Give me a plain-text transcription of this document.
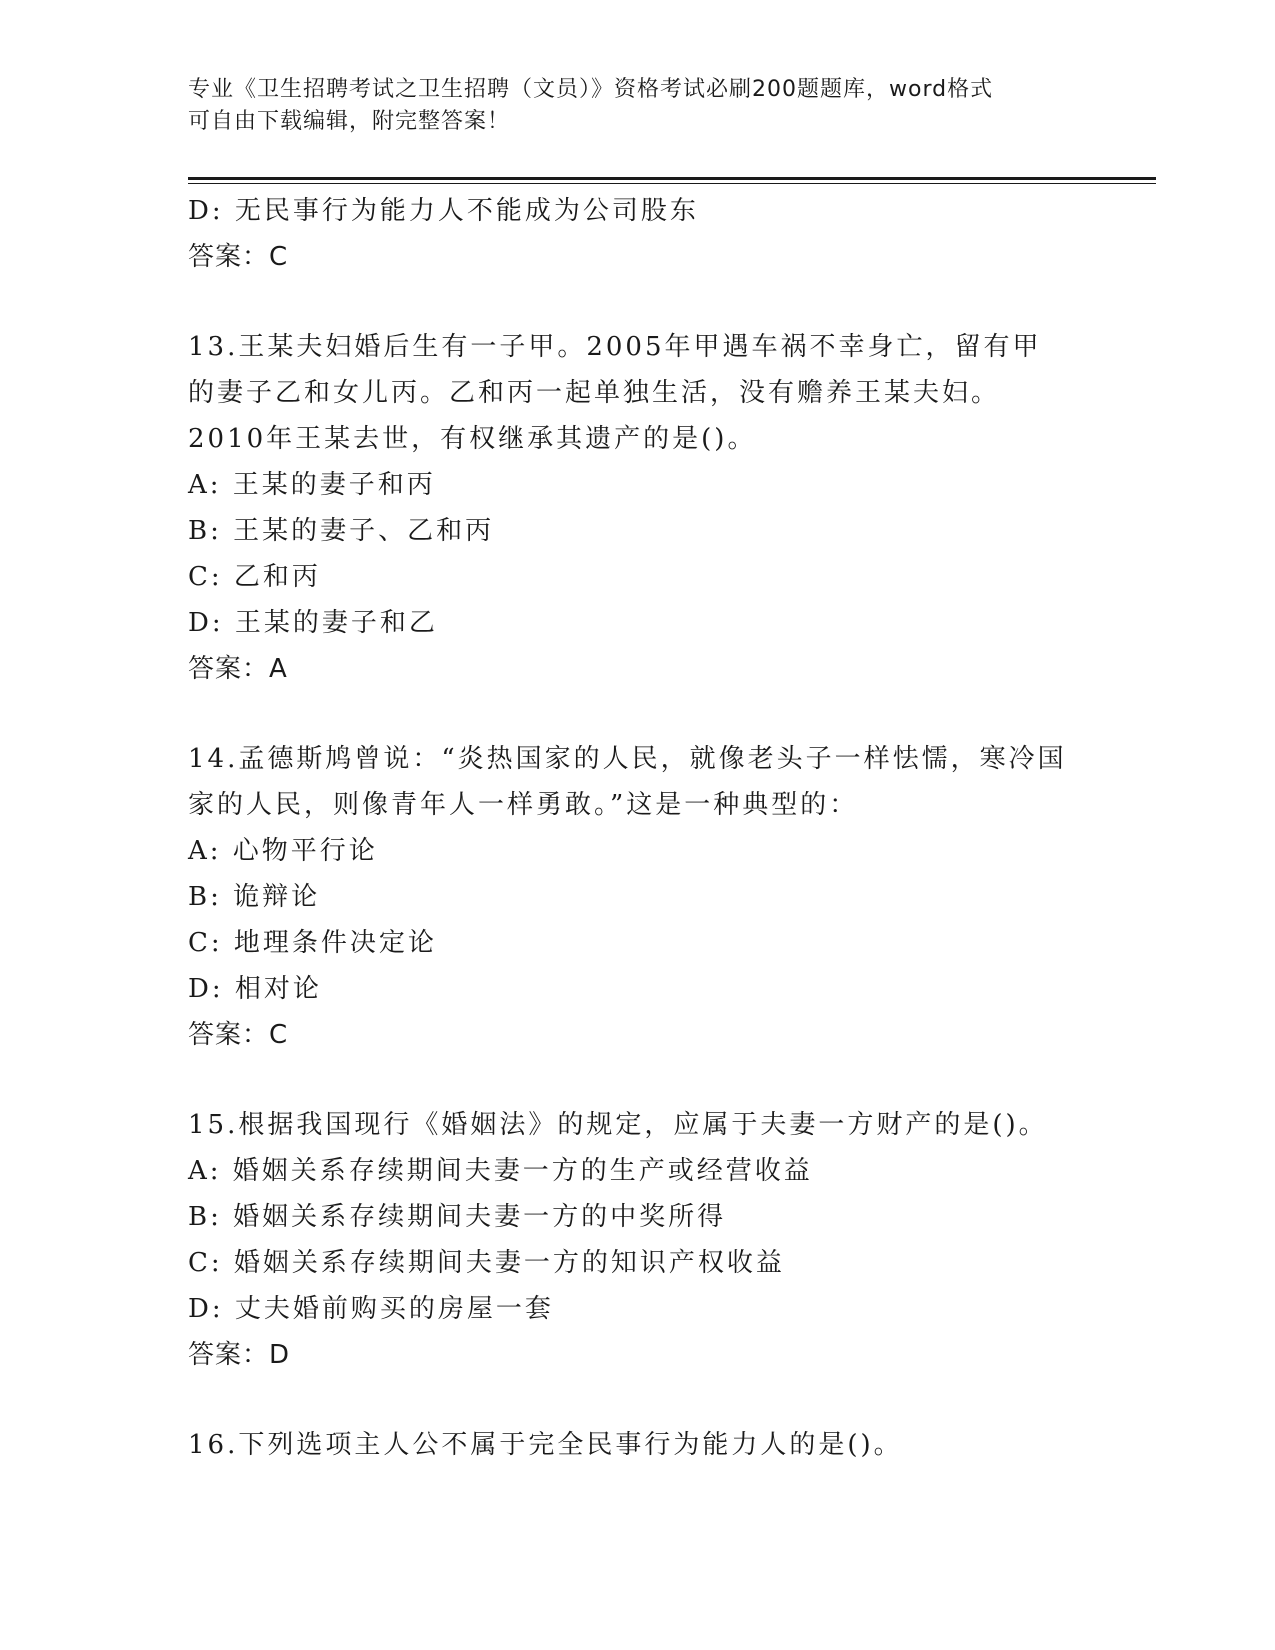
专业《卫生招聘考试之卫生招聘（文员）》资格考试必刷200题题库，word格式
可自由下载编辑，附完整答案！
D: 无民事行为能力人不能成为公司股东
答案：C
13.王某夫妇婚后生有一子甲。2005年甲遇车祸不幸身亡，留有甲的妻子乙和女儿丙。乙和丙一起单独生活，没有赡养王某夫妇。2010年王某去世，有权继承其遗产的是()。
A: 王某的妻子和丙
B: 王某的妻子、乙和丙
C: 乙和丙
D: 王某的妻子和乙
答案：A
14.孟德斯鸠曾说：“炎热国家的人民，就像老头子一样怯懦，寒冷国家的人民，则像青年人一样勇敢。”这是一种典型的：
A: 心物平行论
B: 诡辩论
C: 地理条件决定论
D: 相对论
答案：C
15.根据我国现行《婚姻法》的规定，应属于夫妻一方财产的是()。
A: 婚姻关系存续期间夫妻一方的生产或经营收益
B: 婚姻关系存续期间夫妻一方的中奖所得
C: 婚姻关系存续期间夫妻一方的知识产权收益
D: 丈夫婚前购买的房屋一套
答案：D
16.下列选项主人公不属于完全民事行为能力人的是()。
